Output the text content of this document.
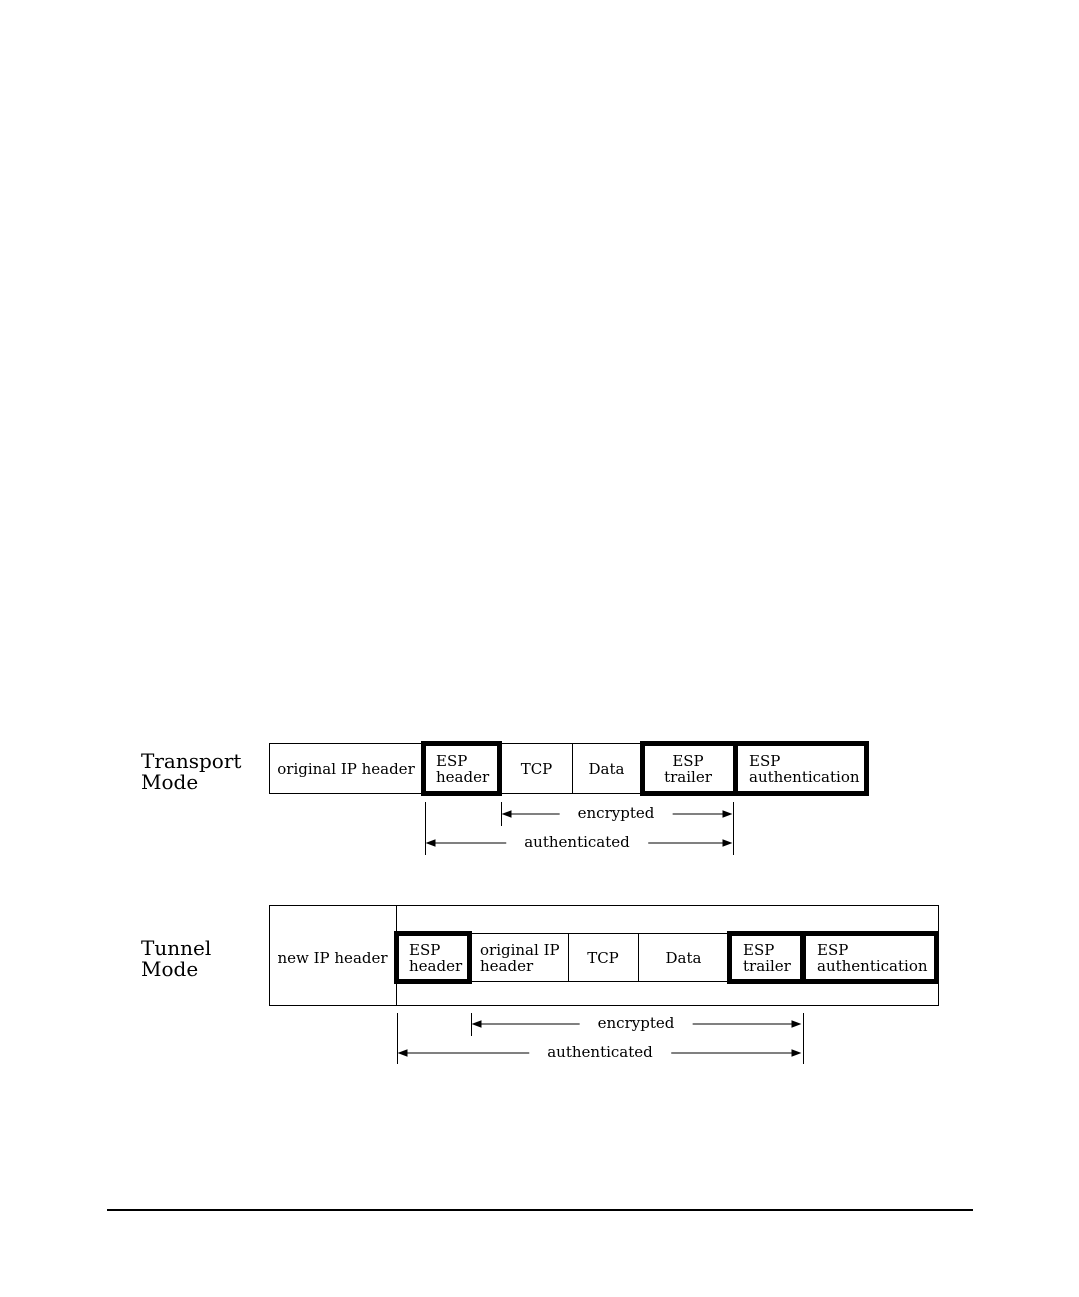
Transport
Mode
original IP header	ESP
header	TCP	Data	ESP
trailer
ESP
authentication
encrypted
authenticated
Tunnel
Mode	new IP header	ESP
header
original IP
header	TCP	Data	ESP
trailer
ESP
authentication
encrypted
authenticated
